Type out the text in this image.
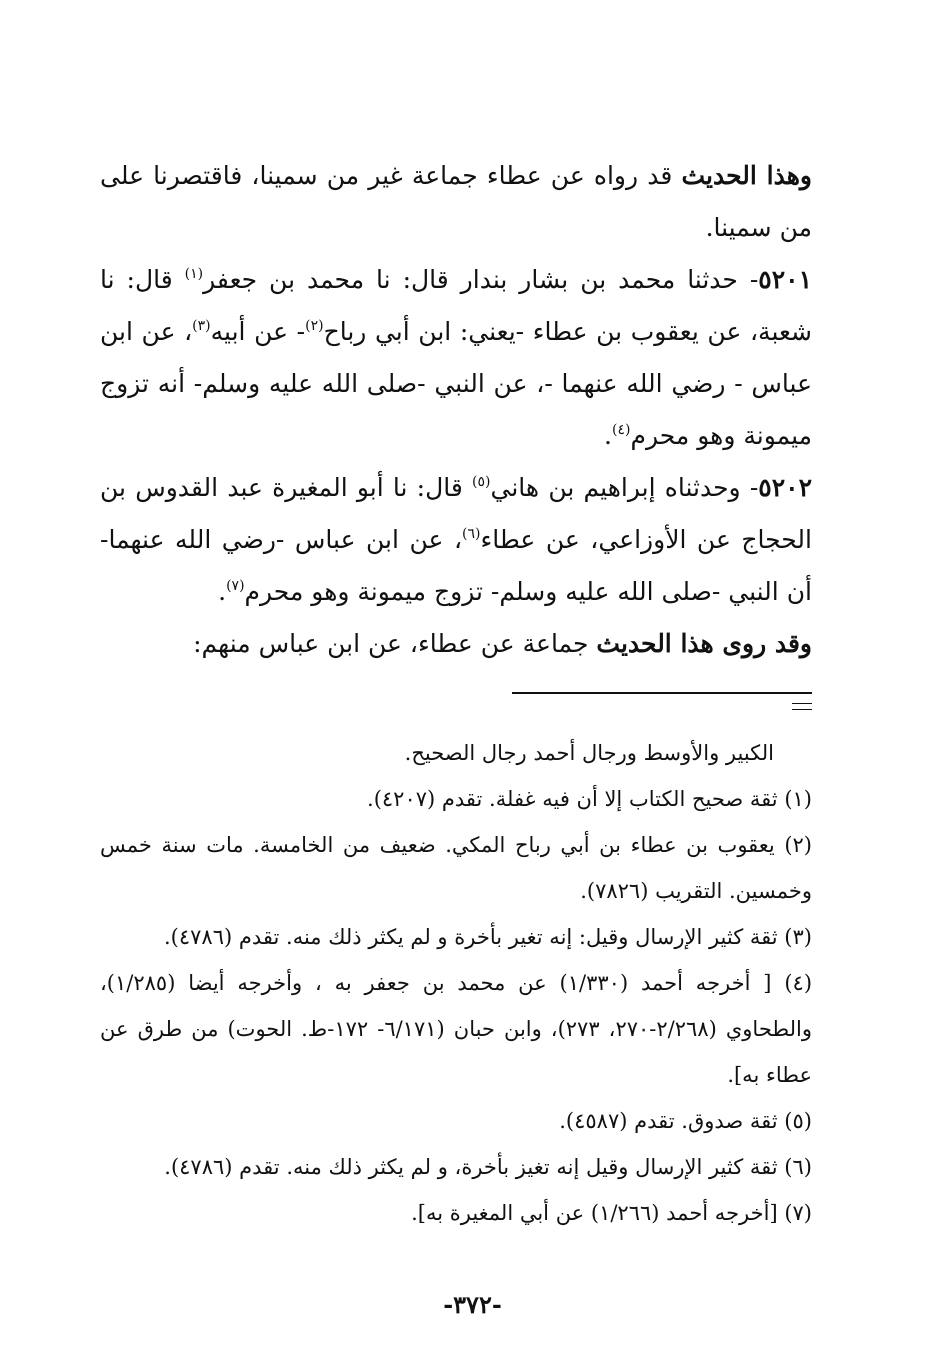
وهذا الحديث قد رواه عن عطاء جماعة غير من سمينا، فاقتصرنا على من سمينا.

٥٢٠١- حدثنا محمد بن بشار بندار قال: نا محمد بن جعفر$^{(١)}$ قال: نا شعبة، عن يعقوب بن عطاء -يعني: ابن أبي رباح$^{(٢)}$- عن أبيه$^{(٣)}$، عن ابن عباس - رضي الله عنهما -، عن النبي -صلى الله عليه وسلم- أنه تزوج ميمونة وهو محرم$^{(٤)}$.

٥٢٠٢- وحدثناه إبراهيم بن هاني$^{(٥)}$ قال: نا أبو المغيرة عبد القدوس بن الحجاج عن الأوزاعي، عن عطاء$^{(٦)}$، عن ابن عباس -رضي الله عنهما- أن النبي -صلى الله عليه وسلم- تزوج ميمونة وهو محرم$^{(٧)}$.

وقد روى هذا الحديث جماعة عن عطاء، عن ابن عباس منهم:

الكبير والأوسط ورجال أحمد رجال الصحيح.

(١) ثقة صحيح الكتاب إلا أن فيه غفلة. تقدم (٤٢٠٧).

(٢) يعقوب بن عطاء بن أبي رباح المكي. ضعيف من الخامسة. مات سنة خمس وخمسين. التقريب (٧٨٢٦).

(٣) ثقة كثير الإرسال وقيل: إنه تغير بأخرة و لم يكثر ذلك منه. تقدم (٤٧٨٦).

(٤) [ أخرجه أحمد (١/٣٣٠) عن محمد بن جعفر به ، وأخرجه أيضا (١/٢٨٥)، والطحاوي (٢/٢٦٨-٢٧٠، ٢٧٣)، وابن حبان (٦/١٧١- ١٧٢-ط. الحوت) من طرق عن عطاء به].

(٥) ثقة صدوق. تقدم (٤٥٨٧).

(٦) ثقة كثير الإرسال وقيل إنه تغيز بأخرة، و لم يكثر ذلك منه. تقدم (٤٧٨٦).

(٧) [أخرجه أحمد (١/٢٦٦) عن أبي المغيرة به].

-٣٧٢-
